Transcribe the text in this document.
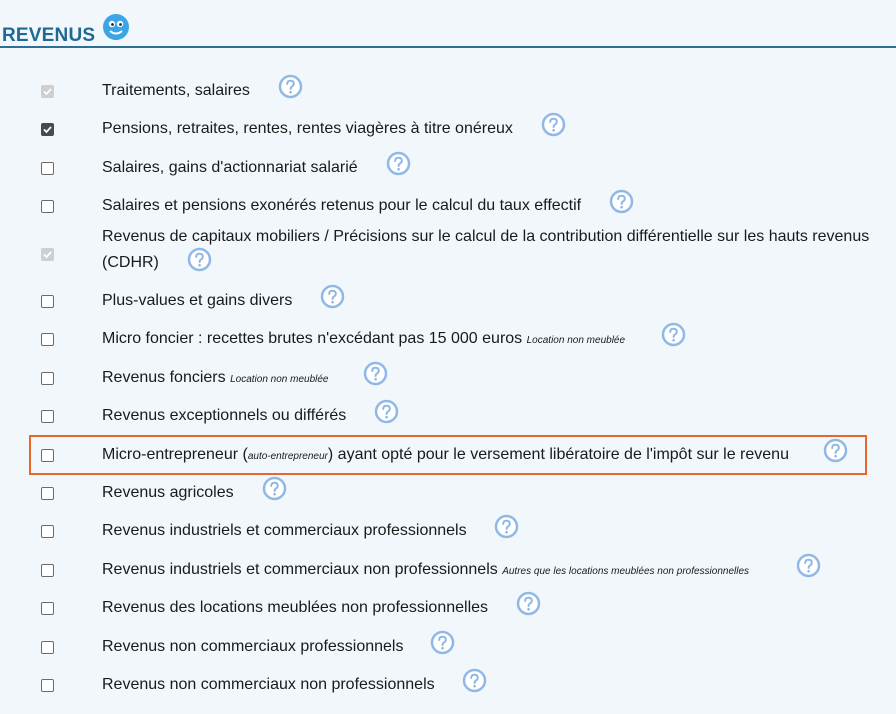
REVENUS
Traitements, salaires
Pensions, retraites, rentes, rentes viagères à titre onéreux
Salaires, gains d'actionnariat salarié
Salaires et pensions exonérés retenus pour le calcul du taux effectif
Revenus de capitaux mobiliers / Précisions sur le calcul de la contribution différentielle sur les hauts revenus
(CDHR)
Plus-values et gains divers
Micro foncier : recettes brutes n'excédant pas 15 000 euros Location non meublée
Revenus fonciers Location non meublée
Revenus exceptionnels ou différés
Micro-entrepreneur (auto-entrepreneur) ayant opté pour le versement libératoire de l'impôt sur le revenu
Revenus agricoles
Revenus industriels et commerciaux professionnels
Revenus industriels et commerciaux non professionnels Autres que les locations meublées non professionnelles
Revenus des locations meublées non professionnelles
Revenus non commerciaux professionnels
Revenus non commerciaux non professionnels
